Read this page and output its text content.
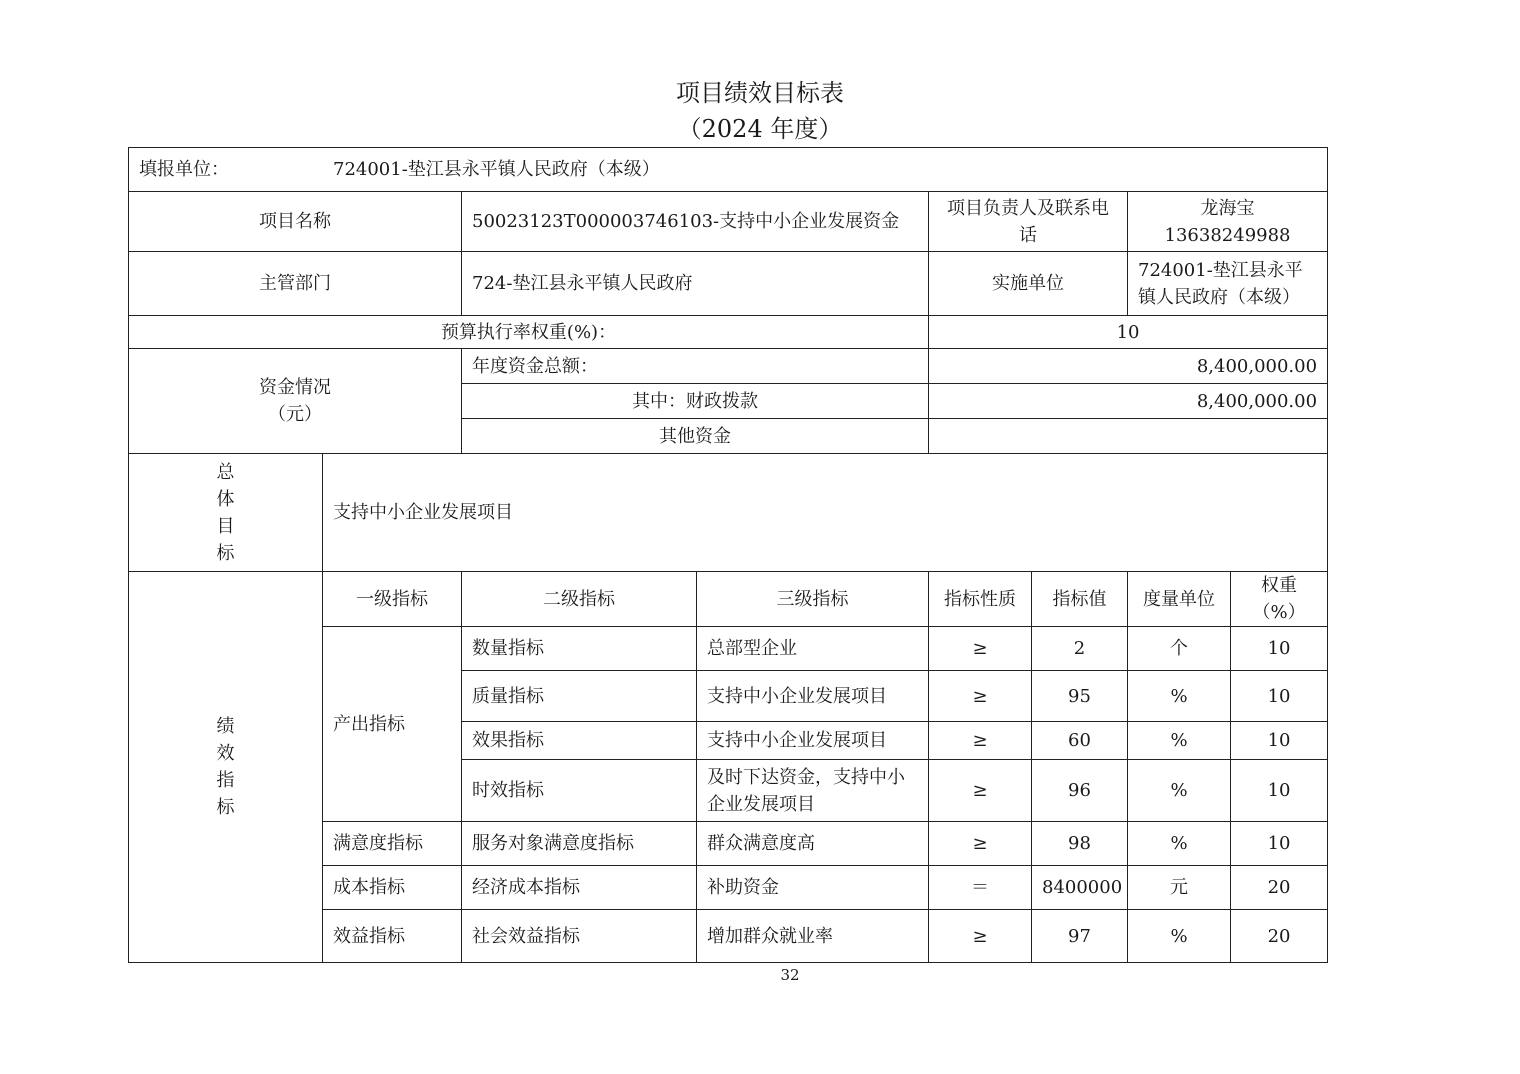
项目绩效目标表
（2024 年度）
填报单位： 724001-垫江县永平镇人民政府（本级）							
项目名称		50023123T000003746103-支持中小企业发展资金		项目负责人及联系电话		龙海宝 13638249988	
主管部门		724-垫江县永平镇人民政府		实施单位		724001-垫江县永平镇人民政府（本级）	
预算执行率权重(%)：				10			

资金情况
（元）		年度资金总额：		8,400,000.00			
		其中：财政拨款		8,400,000.00			
		其他资金					

总
体
目
标	支持中小企业发展项目						

绩
效
指
标	一级指标	二级指标	三级指标	指标性质	指标值	度量单位	权重（%）
	产出指标	数量指标	总部型企业	≥	2	个	10
		质量指标	支持中小企业发展项目	≥	95	%	10
		效果指标	支持中小企业发展项目	≥	60	%	10
		时效指标	及时下达资金，支持中小企业发展项目	≥	96	%	10
	满意度指标	服务对象满意度指标	群众满意度高	≥	98	%	10
	成本指标	经济成本指标	补助资金	＝	8400000	元	20
	效益指标	社会效益指标	增加群众就业率	≥	97	%	20
32
